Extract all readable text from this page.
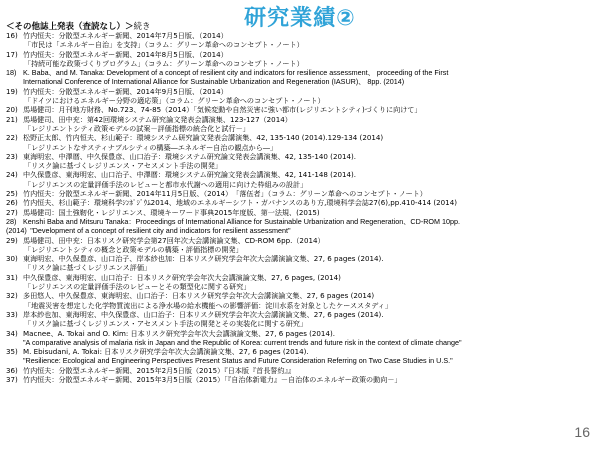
研究業績②
＜その他誌上発表（査読なし）＞続き
16) 竹内恒夫：分散型エネルギー新聞、2014年7月5日版、（2014）
「市民は「エネルギー自治」を支持」（コラム：グリーン革命へのコンセプト・ノート）
17) 竹内恒夫：分散型エネルギー新聞、2014年8月5日版、（2014）
「持続可能な政策づくりプログラム」（コラム：グリーン革命へのコンセプト・ノート）
18) K. Baba、and M. Tanaka: Development of a concept of resilient city and indicators for resilience assessment、 proceeding of the First
International Conference of International Alliance for Sustainable Urbanization and Regeneration (IASUR)、 8pp. (2014)
19) 竹内恒夫：分散型エネルギー新聞、2014年9月5日版、（2014）
「ドイツにおけるエネルギー分野の適応策」（コラム：グリーン革命へのコンセプト・ノート）
20) 馬場健司：月刊地方財務、No.723、74-85（2014）「気候変動や自然災害に強い都市(レジリエントシティ)づくりに向けて」
21) 馬場健司、田中充：第42回環境システム研究論文発表会講演集、123-127（2014）
「レジリエントシティ政策モデルの試案－評価指標の統合化と試行－」
22) 松野正太郎、竹内恒夫、杉山範子：環境システム研究論文発表会講演集、42, 135-140 (2014).129-134 (2014)
「レジリエントなサスティナブルシティの構築―エネルギー自治の観点から―」
23) 東海明宏、中澤暦、中久保豊彦、山口治子：環境システム研究論文発表会講演集、42, 135-140 (2014).
「リスク論に基づくレジリエンス・アセスメント手法の開発」
24) 中久保豊彦、東海明宏、山口治子、中澤暦：環境システム研究論文発表会講演集、42, 141-148 (2014).
「レジリエンスの定量評価手法のレビューと都市水代謝への適用に向けた枠組みの設計」
25) 竹内恒夫：分散型エネルギー新聞、2014年11月5日版、（2014）　「落伍者」（コラム：グリーン革命へのコンセプト・ノート）
26) 竹内恒夫、杉山範子：環境科学ｼﾝﾎﾟｼﾞｳﾑ2014、地域のエネルギーシフト・ガバナンスのあり方,環境科学会誌27(6),pp.410-414 (2014)
27) 馬場健司：国土強靭化・レジリエンス、環境キーワード事典2015年度版、第一法規、(2015)
28) Kenshi Baba and Mitsuru Tanaka：Proceedings of International Alliance for Sustainable Urbanization and Regeneration、CD-ROM 10pp.
(2014)　"Development of a concept of resilient city and indicators for resilient assessment"
29) 馬場健司、田中充：日本リスク研究学会第27回年次大会講演論文集、CD-ROM 6pp.（2014）
「レジリエントシティの概念と政策モデルの構築・評価指標の開発」
30) 東海明宏、中久保豊彦、山口治子、岸本紗也加：日本リスク研究学会年次大会講演論文集、27, 6 pages (2014).
「リスク論に基づくレジリエンス評価」
31) 中久保豊彦、東海明宏、山口治子：日本リスク研究学会年次大会講演論文集、27, 6 pages, (2014)
「レジリエンスの定量評価手法のレビューとその類型化に関する研究」
32) 多田悠人、中久保豊彦、東海明宏、山口治子：日本リスク研究学会年次大会講演論文集、27, 6 pages (2014)
「地震災害を想定した化学物質流出による浄水場の給水機能への影響評価：淀川水系を対象としたケーススタディ」
33) 岸本紗也加、東海明宏、中久保豊彦、山口治子：日本リスク研究学会年次大会講演論文集、27, 6 pages (2014).
「リスク論に基づくレジリエンス・アセスメント手法の開発とその実装化に関する研究」
34) Macnee、A. Tokai and O. Kim: 日本リスク研究学会年次大会講演論文集、27, 6 pages (2014).
"A comparative analysis of malaria risk in Japan and the Republic of Korea: current trends and future risk in the context of climate change"
35) M. Ebisudani, A. Tokai: 日本リスク研究学会年次大会講演論文集、27, 6 pages (2014).
"Resilience: Ecological and Engineering Perspectives Present Status and Future Consideration Referring on Two Case Studies in U.S."
36) 竹内恒夫：分散型エネルギー新聞、2015年2月5日版（2015）『日本版『首長誓約』』
37) 竹内恒夫：分散型エネルギー新聞、2015年3月5日版（2015）「『自治体新電力』－自治体のエネルギー政策の動向－」
16
